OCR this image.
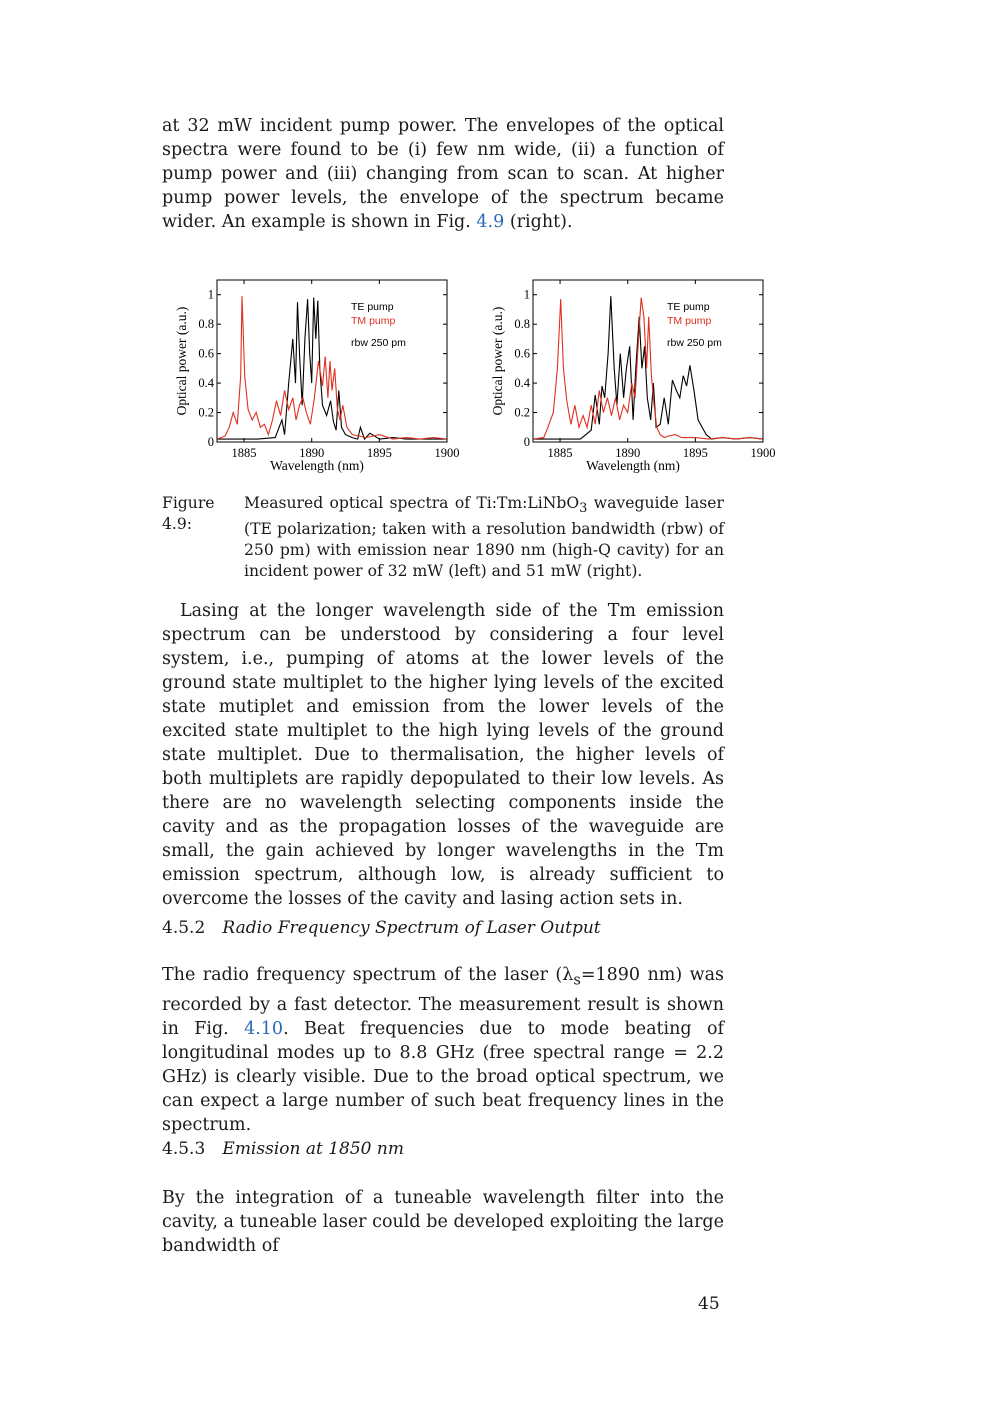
at 32 mW incident pump power. The envelopes of the optical spectra were found to be (i) few nm wide, (ii) a function of pump power and (iii) changing from scan to scan. At higher pump power levels, the envelope of the spectrum became wider. An example is shown in Fig. 4.9 (right).
1885	1890	1895	1900
0
0.2
0.4
0.6
0.8
1
Wavelength (nm)
Optical power (a.u.)	TE pump
TM pump
rbw 250 pm
1885	1890	1895	1900
0
0.2
0.4
0.6
0.8
1
Wavelength (nm)
Optical power (a.u.)	TE pump
TM pump
rbw 250 pm
Figure 4.9:
Measured optical spectra of Ti:Tm:LiNbO$_3$ waveguide laser (TE polarization; taken with a resolution bandwidth (rbw) of 250 pm) with emission near 1890 nm (high-Q cavity) for an incident power of 32 mW (left) and 51 mW (right).
Lasing at the longer wavelength side of the Tm emission spectrum can be understood by considering a four level system, i.e., pumping of atoms at the lower levels of the ground state multiplet to the higher lying levels of the excited state mutiplet and emission from the lower levels of the excited state multiplet to the high lying levels of the ground state multiplet. Due to thermalisation, the higher levels of both multiplets are rapidly depopulated to their low levels. As there are no wavelength selecting components inside the cavity and as the propagation losses of the waveguide are small, the gain achieved by longer wavelengths in the Tm emission spectrum, although low, is already sufficient to overcome the losses of the cavity and lasing action sets in.
4.5.2 Radio Frequency Spectrum of Laser Output
The radio frequency spectrum of the laser ($\lambda_s=1890$ nm) was recorded by a fast detector. The measurement result is shown in Fig. 4.10. Beat frequencies due to mode beating of longitudinal modes up to 8.8 GHz (free spectral range = 2.2 GHz) is clearly visible. Due to the broad optical spectrum, we can expect a large number of such beat frequency lines in the spectrum.
4.5.3 Emission at 1850 nm
By the integration of a tuneable wavelength filter into the cavity, a tuneable laser could be developed exploiting the large bandwidth of
45
